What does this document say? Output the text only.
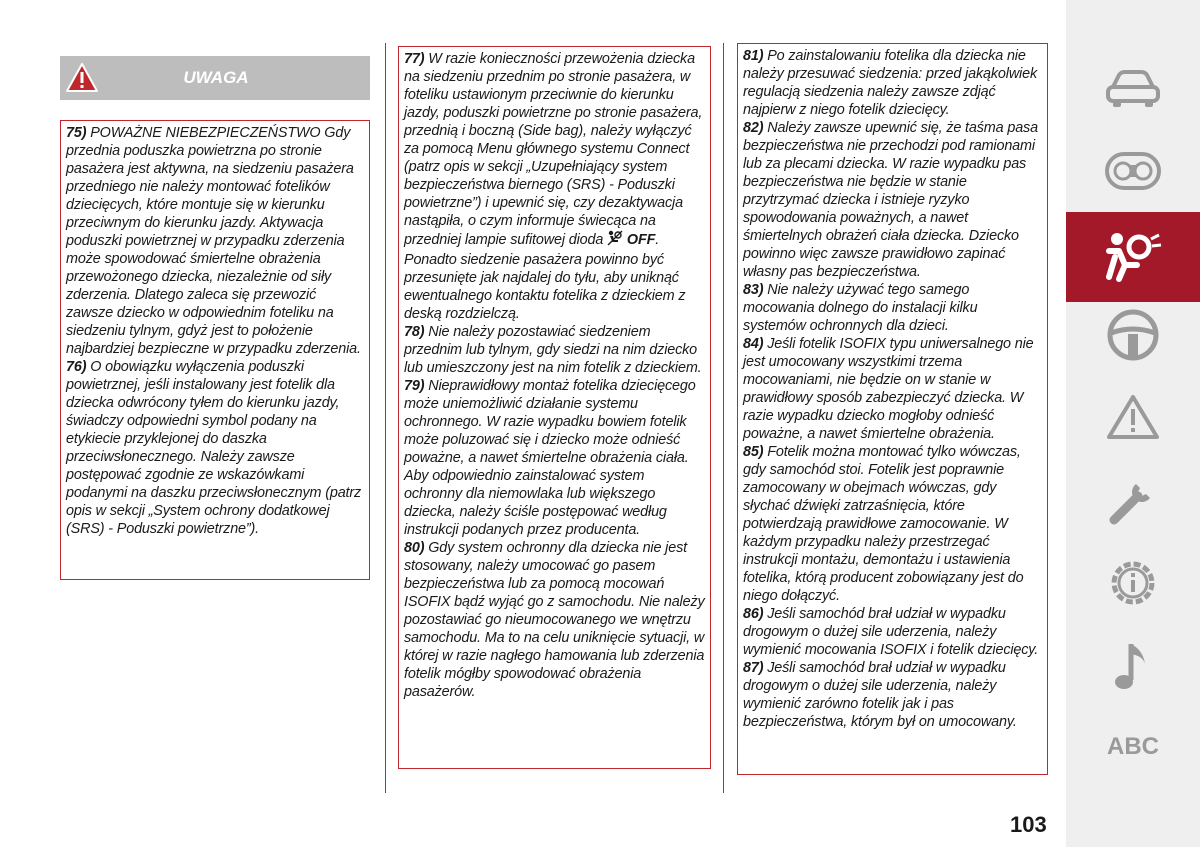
UWAGA

75) POWAŻNE NIEBEZPIECZEŃSTWO Gdy przednia poduszka powietrzna po stronie pasażera jest aktywna, na siedzeniu pasażera przedniego nie należy montować fotelików dziecięcych, które montuje się w kierunku przeciwnym do kierunku jazdy. Aktywacja poduszki powietrznej w przypadku zderzenia może spowodować śmiertelne obrażenia przewożonego dziecka, niezależnie od siły zderzenia. Dlatego zaleca się przewozić zawsze dziecko w odpowiednim foteliku na siedzeniu tylnym, gdyż jest to położenie najbardziej bezpieczne w przypadku zderzenia.

76) O obowiązku wyłączenia poduszki powietrznej, jeśli instalowany jest fotelik dla dziecka odwrócony tyłem do kierunku jazdy, świadczy odpowiedni symbol podany na etykiecie przyklejonej do daszka przeciwsłonecznego. Należy zawsze postępować zgodnie ze wskazówkami podanymi na daszku przeciwsłonecznym (patrz opis w sekcji „System ochrony dodatkowej (SRS) - Poduszki powietrzne”).

77) W razie konieczności przewożenia dziecka na siedzeniu przednim po stronie pasażera, w foteliku ustawionym przeciwnie do kierunku jazdy, poduszki powietrzne po stronie pasażera, przednią i boczną (Side bag), należy wyłączyć za pomocą Menu głównego systemu Connect (patrz opis w sekcji „Uzupełniający system bezpieczeństwa biernego (SRS) - Poduszki powietrzne”) i upewnić się, czy dezaktywacja nastąpiła, o czym informuje świecąca na przedniej lampie sufitowej dioda  OFF. Ponadto siedzenie pasażera powinno być przesunięte jak najdalej do tyłu, aby uniknąć ewentualnego kontaktu fotelika z dzieckiem z deską rozdzielczą.

78) Nie należy pozostawiać siedzeniem przednim lub tylnym, gdy siedzi na nim dziecko lub umieszczony jest na nim fotelik z dzieckiem.

79) Nieprawidłowy montaż fotelika dziecięcego może uniemożliwić działanie systemu ochronnego. W razie wypadku bowiem fotelik może poluzować się i dziecko może odnieść poważne, a nawet śmiertelne obrażenia ciała. Aby odpowiednio zainstalować system ochronny dla niemowlaka lub większego dziecka, należy ściśle postępować według instrukcji podanych przez producenta.

80) Gdy system ochronny dla dziecka nie jest stosowany, należy umocować go pasem bezpieczeństwa lub za pomocą mocowań ISOFIX bądź wyjąć go z samochodu. Nie należy pozostawiać go nieumocowanego we wnętrzu samochodu. Ma to na celu uniknięcie sytuacji, w której w razie nagłego hamowania lub zderzenia fotelik mógłby spowodować obrażenia pasażerów.

81) Po zainstalowaniu fotelika dla dziecka nie należy przesuwać siedzenia: przed jakąkolwiek regulacją siedzenia należy zawsze zdjąć najpierw z niego fotelik dziecięcy.

82) Należy zawsze upewnić się, że taśma pasa bezpieczeństwa nie przechodzi pod ramionami lub za plecami dziecka. W razie wypadku pas bezpieczeństwa nie będzie w stanie przytrzymać dziecka i istnieje ryzyko spowodowania poważnych, a nawet śmiertelnych obrażeń ciała dziecka. Dziecko powinno więc zawsze prawidłowo zapinać własny pas bezpieczeństwa.

83) Nie należy używać tego samego mocowania dolnego do instalacji kilku systemów ochronnych dla dzieci.

84) Jeśli fotelik ISOFIX typu uniwersalnego nie jest umocowany wszystkimi trzema mocowaniami, nie będzie on w stanie w prawidłowy sposób zabezpieczyć dziecka. W razie wypadku dziecko mogłoby odnieść poważne, a nawet śmiertelne obrażenia.

85) Fotelik można montować tylko wówczas, gdy samochód stoi. Fotelik jest poprawnie zamocowany w obejmach wówczas, gdy słychać dźwięki zatrzaśnięcia, które potwierdzają prawidłowe zamocowanie. W każdym przypadku należy przestrzegać instrukcji montażu, demontażu i ustawienia fotelika, którą producent zobowiązany jest do niego dołączyć.

86) Jeśli samochód brał udział w wypadku drogowym o dużej sile uderzenia, należy wymienić mocowania ISOFIX i fotelik dziecięcy.

87) Jeśli samochód brał udział w wypadku drogowym o dużej sile uderzenia, należy wymienić zarówno fotelik jak i pas bezpieczeństwa, którym był on umocowany.

ABC
103
